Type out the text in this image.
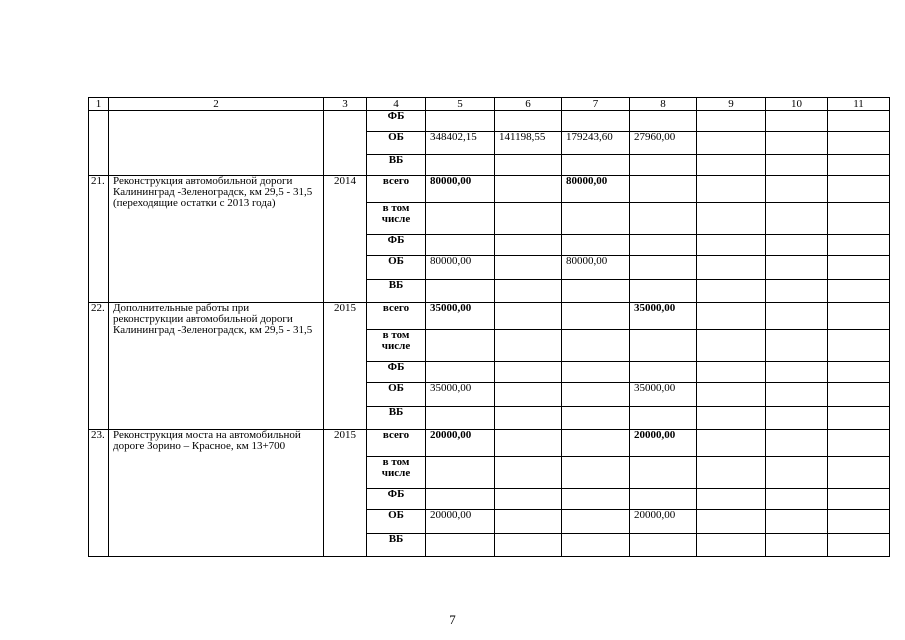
1	2	3	4	5	6	7	8	9	10	11
			ФБ							
			ОБ	348402,15	141198,55	179243,60	27960,00			
			ВБ							
21.	Реконструкция автомобильной дороги Калининград -Зеленоградск, км 29,5 - 31,5 (переходящие остатки с 2013 года)	2014	всего	80000,00		80000,00				
			в том числе							
			ФБ							
			ОБ	80000,00		80000,00				
			ВБ							
22.	Дополнительные работы при реконструкции автомобильной дороги Калининград -Зеленоградск, км 29,5 - 31,5	2015	всего	35000,00			35000,00			
			в том числе							
			ФБ							
			ОБ	35000,00			35000,00			
			ВБ							
23.	Реконструкция моста на автомобильной дороге Зорино – Красное, км 13+700	2015	всего	20000,00			20000,00			
			в том числе							
			ФБ							
			ОБ	20000,00			20000,00			
			ВБ							
7
